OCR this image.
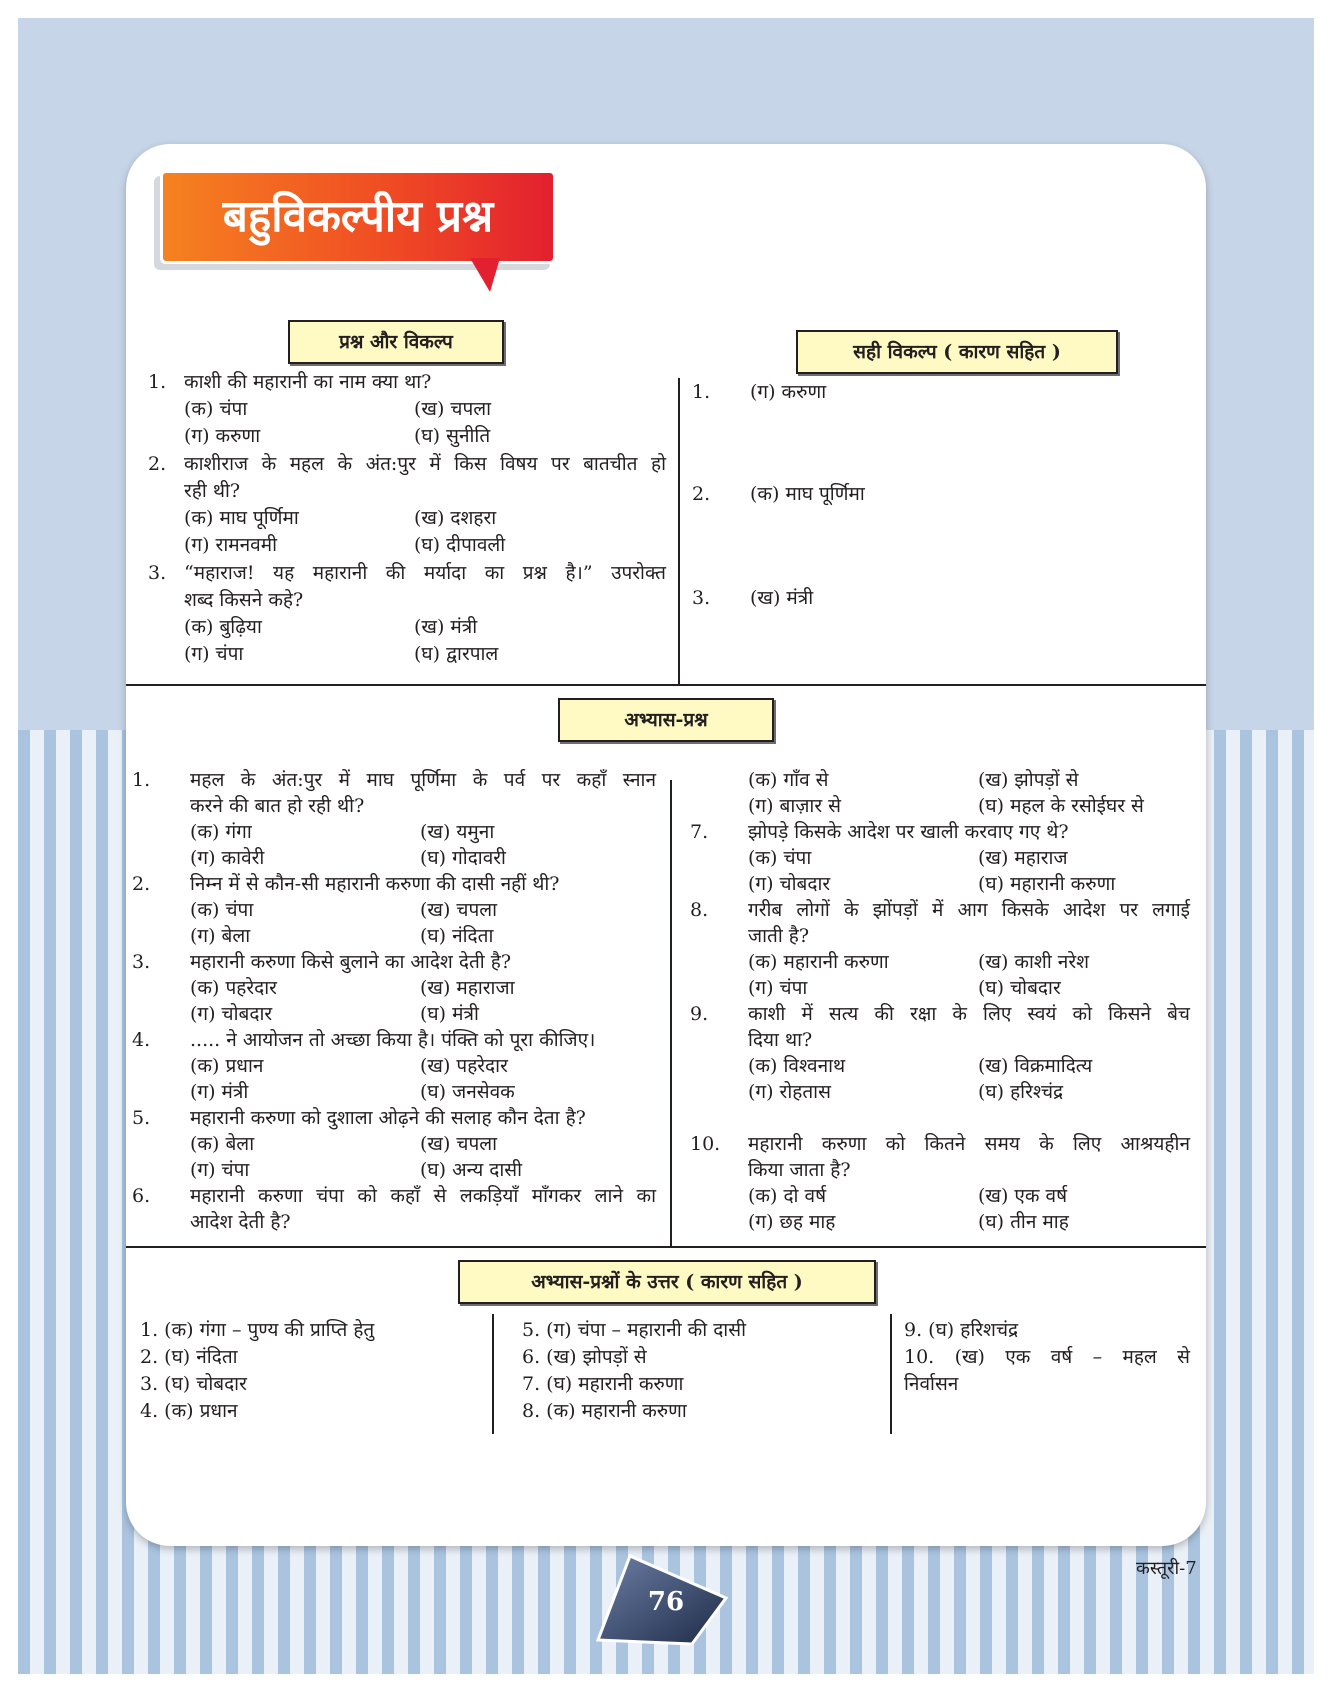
बहुविकल्पीय प्रश्न
प्रश्न और विकल्प	सही विकल्प ( कारण सहित )
1. काशी की महारानी का नाम क्या था?
(क) चंपा	(ख) चपला
(ग) करुणा	(घ) सुनीति
2. काशीराज के महल के अंत:पुर में किस विषय पर बातचीत हो
रही थी?
(क) माघ पूर्णिमा	(ख) दशहरा
(ग) रामनवमी	(घ) दीपावली
3. “महाराज! यह महारानी की मर्यादा का प्रश्न है।” उपरोक्त
शब्द किसने कहे?
(क) बुढ़िया	(ख) मंत्री
(ग) चंपा	(घ) द्वारपाल
1. (ग) करुणा
2. (क) माघ पूर्णिमा
3. (ख) मंत्री
अभ्यास-प्रश्न
1. महल के अंत:पुर में माघ पूर्णिमा के पर्व पर कहाँ स्नान
करने की बात हो रही थी?
(क) गंगा	(ख) यमुना
(ग) कावेरी	(घ) गोदावरी
2. निम्न में से कौन-सी महारानी करुणा की दासी नहीं थी?
(क) चंपा	(ख) चपला
(ग) बेला	(घ) नंदिता
3. महारानी करुणा किसे बुलाने का आदेश देती है?
(क) पहरेदार	(ख) महाराजा
(ग) चोबदार	(घ) मंत्री
4. ..... ने आयोजन तो अच्छा किया है। पंक्ति को पूरा कीजिए।
(क) प्रधान	(ख) पहरेदार
(ग) मंत्री	(घ) जनसेवक
5. महारानी करुणा को दुशाला ओढ़ने की सलाह कौन देता है?
(क) बेला	(ख) चपला
(ग) चंपा	(घ) अन्य दासी
6. महारानी करुणा चंपा को कहाँ से लकड़ियाँ माँगकर लाने का
आदेश देती है?
(क) गाँव से	(ख) झोपड़ों से
(ग) बाज़ार से	(घ) महल के रसोईघर से
7. झोपड़े किसके आदेश पर खाली करवाए गए थे?
(क) चंपा	(ख) महाराज
(ग) चोबदार	(घ) महारानी करुणा
8. गरीब लोगों के झोंपड़ों में आग किसके आदेश पर लगाई
जाती है?
(क) महारानी करुणा	(ख) काशी नरेश
(ग) चंपा	(घ) चोबदार
9. काशी में सत्य की रक्षा के लिए स्वयं को किसने बेच
दिया था?
(क) विश्वनाथ	(ख) विक्रमादित्य
(ग) रोहतास	(घ) हरिश्चंद्र
10. महारानी करुणा को कितने समय के लिए आश्रयहीन
किया जाता है?
(क) दो वर्ष	(ख) एक वर्ष
(ग) छह माह	(घ) तीन माह
अभ्यास-प्रश्नों के उत्तर ( कारण सहित )
1. (क) गंगा – पुण्य की प्राप्ति हेतु
2. (घ) नंदिता
3. (घ) चोबदार
4. (क) प्रधान
5. (ग) चंपा – महारानी की दासी
6. (ख) झोपड़ों से
7. (घ) महारानी करुणा
8. (क) महारानी करुणा
9. (घ) हरिशचंद्र
10. (ख) एक वर्ष – महल से
निर्वासन
76
कस्तूरी-7
